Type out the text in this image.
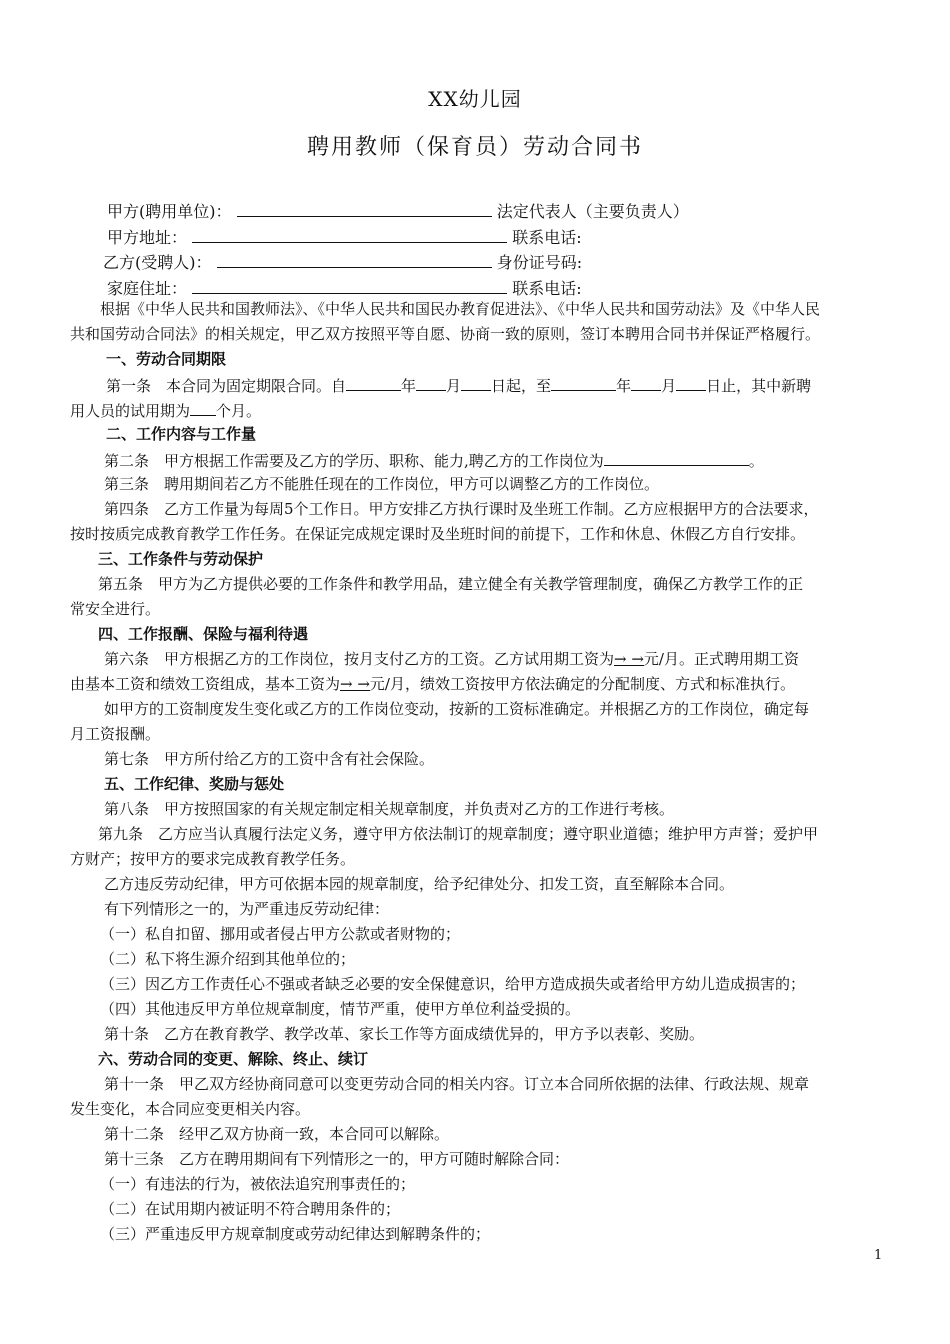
XX幼儿园
聘用教师（保育员）劳动合同书
甲方(聘用单位)：	法定代表人（主要负责人）
甲方地址：	联系电话:
乙方(受聘人)：	身份证号码:
家庭住址：	联系电话:
根据《中华人民共和国教师法》、《中华人民共和国民办教育促进法》、《中华人民共和国劳动法》及《中华人民
共和国劳动合同法》的相关规定，甲乙双方按照平等自愿、协商一致的原则，签订本聘用合同书并保证严格履行。
一、劳动合同期限
第一条　本合同为固定期限合同。自	年 月 日起，至	年 月 日止，其中新聘
用人员的试用期为 个月。
二、工作内容与工作量
第二条　甲方根据工作需要及乙方的学历、职称、能力,聘乙方的工作岗位为	。
第三条　聘用期间若乙方不能胜任现在的工作岗位，甲方可以调整乙方的工作岗位。
第四条　乙方工作量为每周5个工作日。甲方安排乙方执行课时及坐班工作制。乙方应根据甲方的合法要求，
按时按质完成教育教学工作任务。在保证完成规定课时及坐班时间的前提下，工作和休息、休假乙方自行安排。
三、工作条件与劳动保护
第五条　甲方为乙方提供必要的工作条件和教学用品，建立健全有关教学管理制度，确保乙方教学工作的正
常安全进行。
四、工作报酬、保险与福利待遇
第六条　甲方根据乙方的工作岗位，按月支付乙方的工资。乙方试用期工资为→ →元/月。正式聘用期工资
由基本工资和绩效工资组成，基本工资为→ →元/月，绩效工资按甲方依法确定的分配制度、方式和标准执行。
如甲方的工资制度发生变化或乙方的工作岗位变动，按新的工资标准确定。并根据乙方的工作岗位，确定每
月工资报酬。
第七条　甲方所付给乙方的工资中含有社会保险。
五、工作纪律、奖励与惩处
第八条　甲方按照国家的有关规定制定相关规章制度，并负责对乙方的工作进行考核。
第九条　乙方应当认真履行法定义务，遵守甲方依法制订的规章制度；遵守职业道德；维护甲方声誉；爱护甲
方财产；按甲方的要求完成教育教学任务。
乙方违反劳动纪律，甲方可依据本园的规章制度，给予纪律处分、扣发工资，直至解除本合同。
有下列情形之一的，为严重违反劳动纪律：
（一）私自扣留、挪用或者侵占甲方公款或者财物的；
（二）私下将生源介绍到其他单位的；
（三）因乙方工作责任心不强或者缺乏必要的安全保健意识，给甲方造成损失或者给甲方幼儿造成损害的；
（四）其他违反甲方单位规章制度，情节严重，使甲方单位利益受损的。
第十条　乙方在教育教学、教学改革、家长工作等方面成绩优异的，甲方予以表彰、奖励。
六、劳动合同的变更、解除、终止、续订
第十一条　甲乙双方经协商同意可以变更劳动合同的相关内容。订立本合同所依据的法律、行政法规、规章
发生变化，本合同应变更相关内容。
第十二条　经甲乙双方协商一致，本合同可以解除。
第十三条　乙方在聘用期间有下列情形之一的，甲方可随时解除合同：
（一）有违法的行为，被依法追究刑事责任的；
（二）在试用期内被证明不符合聘用条件的；
（三）严重违反甲方规章制度或劳动纪律达到解聘条件的；
1
